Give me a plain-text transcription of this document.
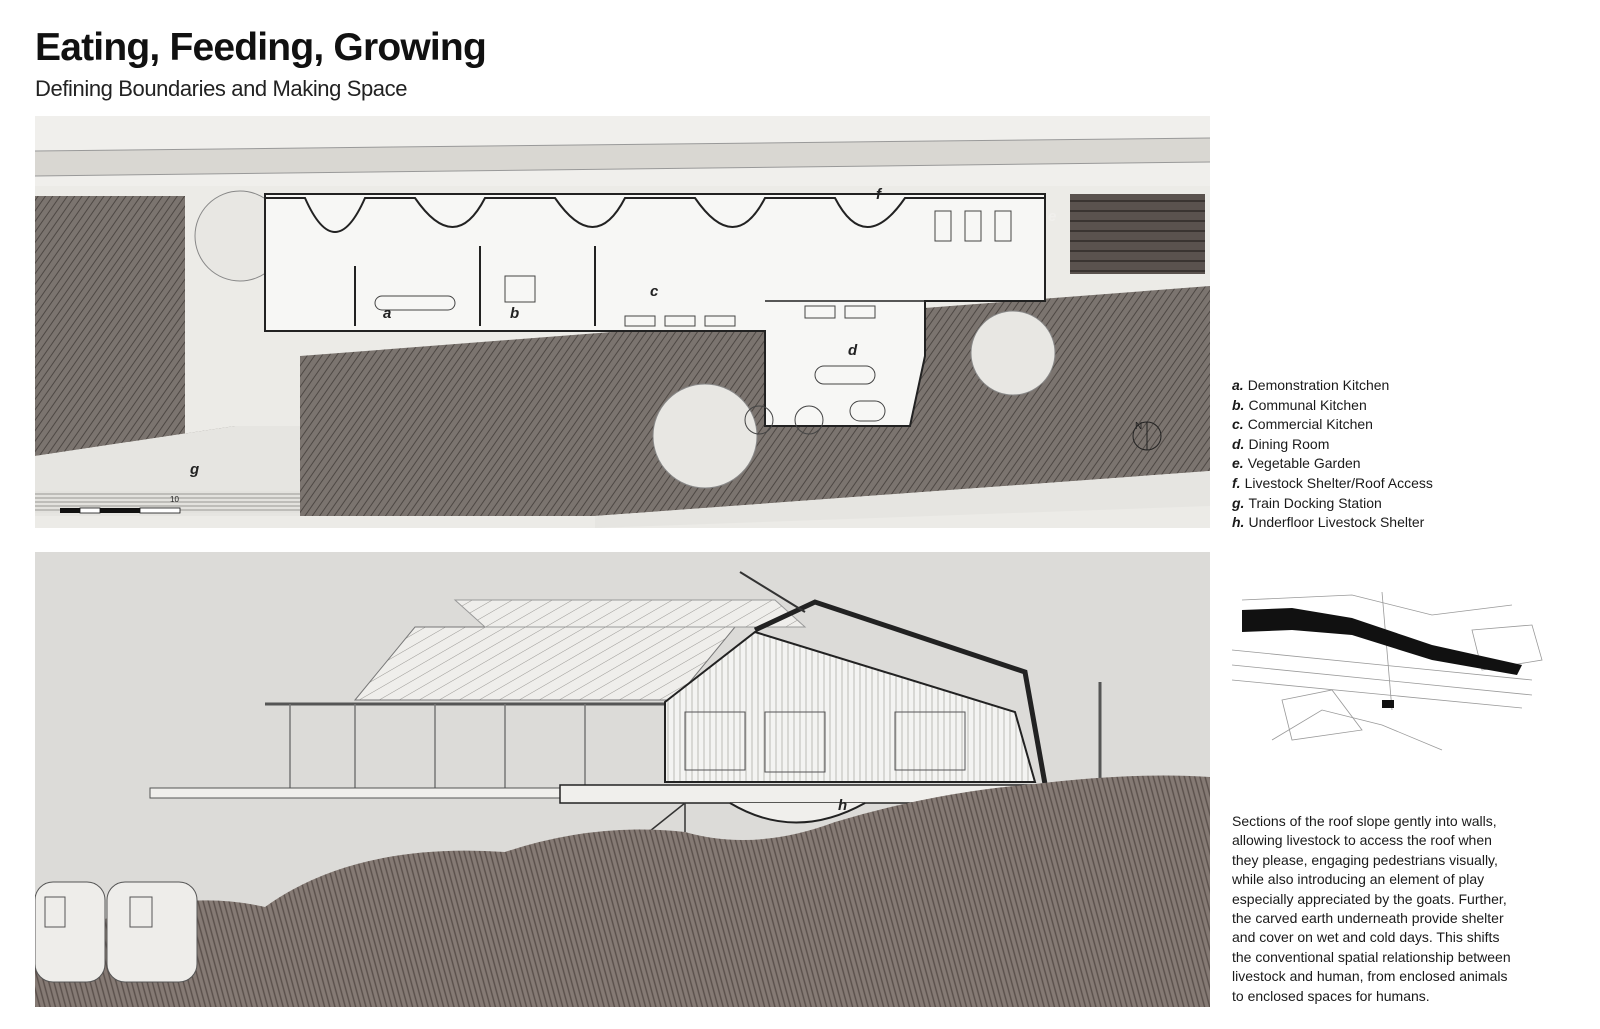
Eating, Feeding, Growing
Defining Boundaries and Making Space
10
N
a	b
c
d
e
f
g
a. Demonstration Kitchen
b. Communal Kitchen
c. Commercial Kitchen
d. Dining Room
e. Vegetable Garden
f. Livestock Shelter/Roof Access
g. Train Docking Station
h. Underfloor Livestock Shelter
h
Sections of the roof slope gently into walls,
allowing livestock to access the roof when
they please, engaging pedestrians visually,
while also introducing an element of play
especially appreciated by the goats. Further,
the carved earth underneath provide shelter
and cover on wet and cold days. This shifts
the conventional spatial relationship between
livestock and human, from enclosed animals
to enclosed spaces for humans.
